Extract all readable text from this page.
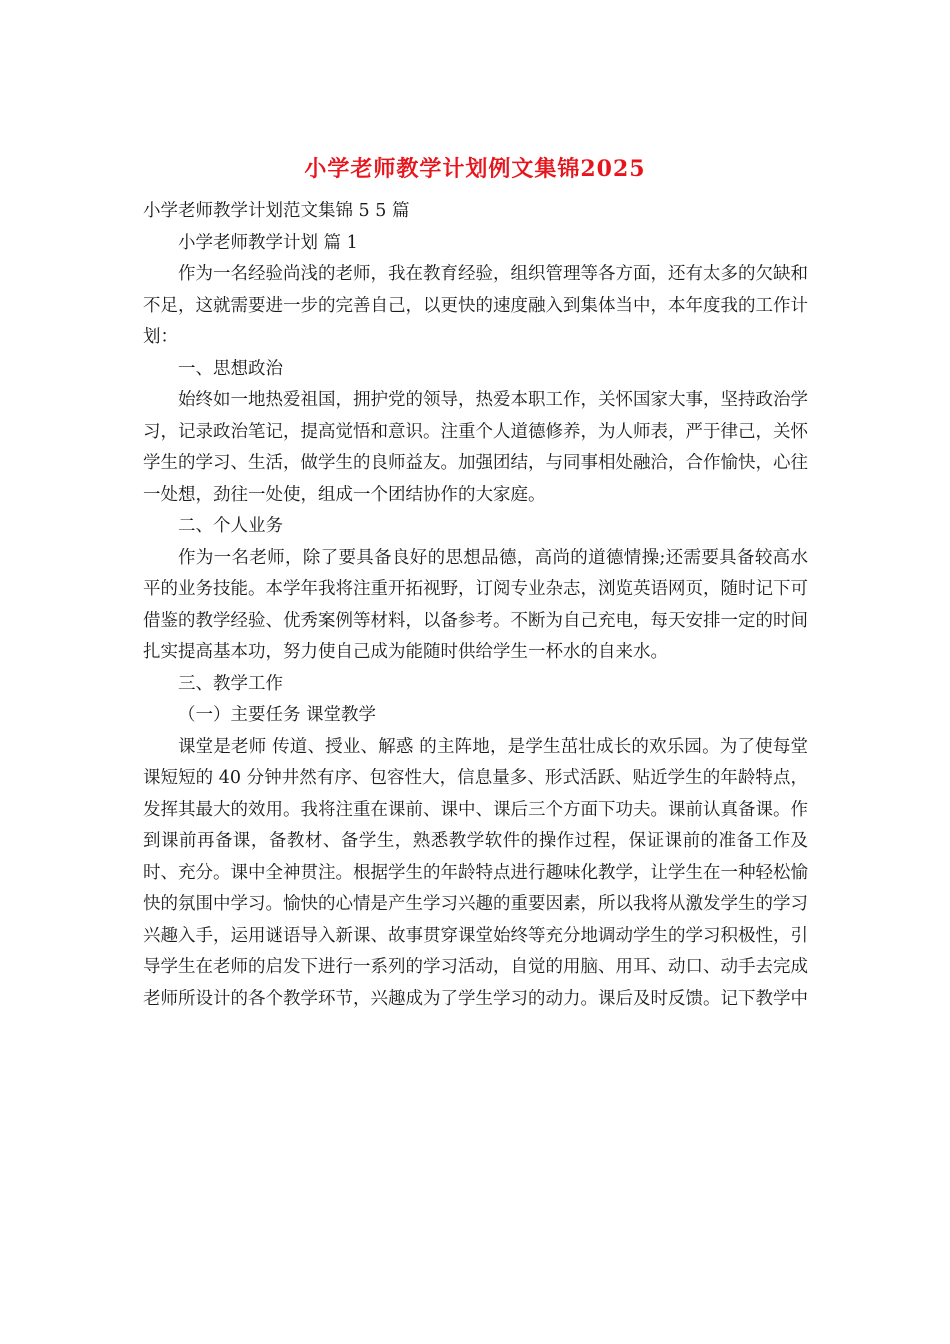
小学老师教学计划例文集锦2025

小学老师教学计划范文集锦 5 5 篇

小学老师教学计划 篇 1

作为一名经验尚浅的老师，我在教育经验，组织管理等各方面，还有太多的欠缺和不足，这就需要进一步的完善自己，以更快的速度融入到集体当中，本年度我的工作计划：

一、思想政治

始终如一地热爱祖国，拥护党的领导，热爱本职工作，关怀国家大事，坚持政治学习，记录政治笔记，提高觉悟和意识。注重个人道德修养，为人师表，严于律己，关怀学生的学习、生活，做学生的良师益友。加强团结，与同事相处融洽，合作愉快，心往一处想，劲往一处使，组成一个团结协作的大家庭。

二、个人业务

作为一名老师，除了要具备良好的思想品德，高尚的道德情操;还需要具备较高水平的业务技能。本学年我将注重开拓视野，订阅专业杂志，浏览英语网页，随时记下可借鉴的教学经验、优秀案例等材料，以备参考。不断为自己充电，每天安排一定的时间扎实提高基本功，努力使自己成为能随时供给学生一杯水的自来水。

三、教学工作

（一）主要任务 课堂教学

课堂是老师 传道、授业、解惑 的主阵地，是学生茁壮成长的欢乐园。为了使每堂课短短的 40 分钟井然有序、包容性大，信息量多、形式活跃、贴近学生的年龄特点，发挥其最大的效用。我将注重在课前、课中、课后三个方面下功夫。课前认真备课。作到课前再备课，备教材、备学生，熟悉教学软件的操作过程，保证课前的准备工作及时、充分。课中全神贯注。根据学生的年龄特点进行趣味化教学，让学生在一种轻松愉快的氛围中学习。愉快的心情是产生学习兴趣的重要因素，所以我将从激发学生的学习兴趣入手，运用谜语导入新课、故事贯穿课堂始终等充分地调动学生的学习积极性，引导学生在老师的启发下进行一系列的学习活动，自觉的用脑、用耳、动口、动手去完成老师所设计的各个教学环节，兴趣成为了学生学习的动力。课后及时反馈。记下教学中
